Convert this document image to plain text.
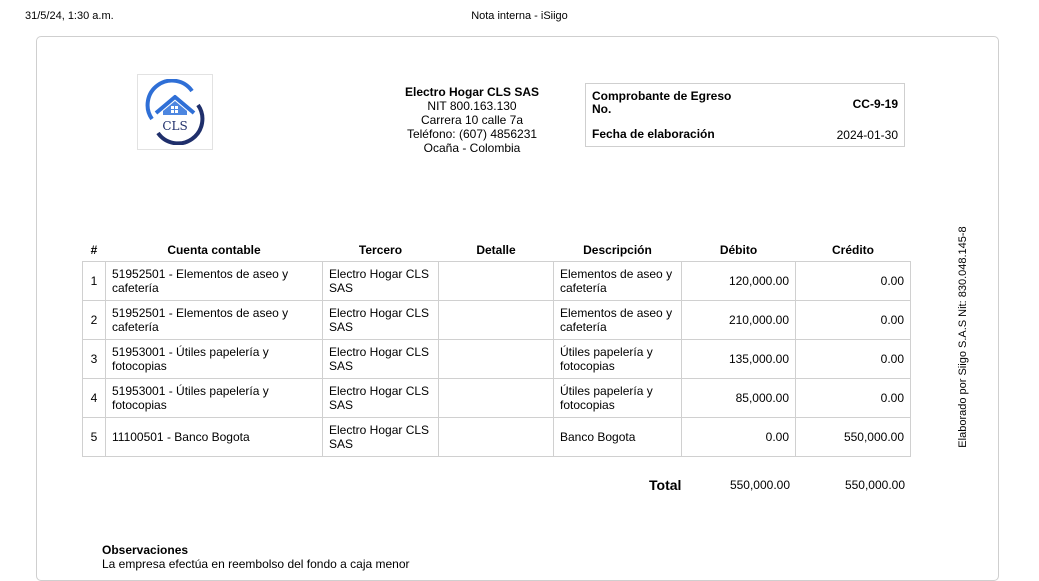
31/5/24, 1:30 a.m.	Nota interna - iSiigo
CLS
Electro Hogar CLS SAS
NIT 800.163.130
Carrera 10 calle 7a
Teléfono: (607) 4856231
Ocaña - Colombia
Comprobante de Egreso
No.	CC-9-19
Fecha de elaboración	2024-01-30
#	Cuenta contable	Tercero	Detalle	Descripción	Débito	Crédito
1	51952501 - Elementos de aseo y cafetería	Electro Hogar CLS SAS		Elementos de aseo y cafetería	120,000.00	0.00
2	51952501 - Elementos de aseo y cafetería	Electro Hogar CLS SAS		Elementos de aseo y cafetería	210,000.00	0.00
3	51953001 - Útiles papelería y fotocopias	Electro Hogar CLS SAS		Útiles papelería y fotocopias	135,000.00	0.00
4	51953001 - Útiles papelería y fotocopias	Electro Hogar CLS SAS		Útiles papelería y fotocopias	85,000.00	0.00
5	11100501 - Banco Bogota	Electro Hogar CLS SAS		Banco Bogota	0.00	550,000.00
Total	550,000.00	550,000.00
Observaciones
La empresa efectúa en reembolso del fondo a caja menor
Elaborado por Siigo S.A.S Nit: 830.048.145-8
